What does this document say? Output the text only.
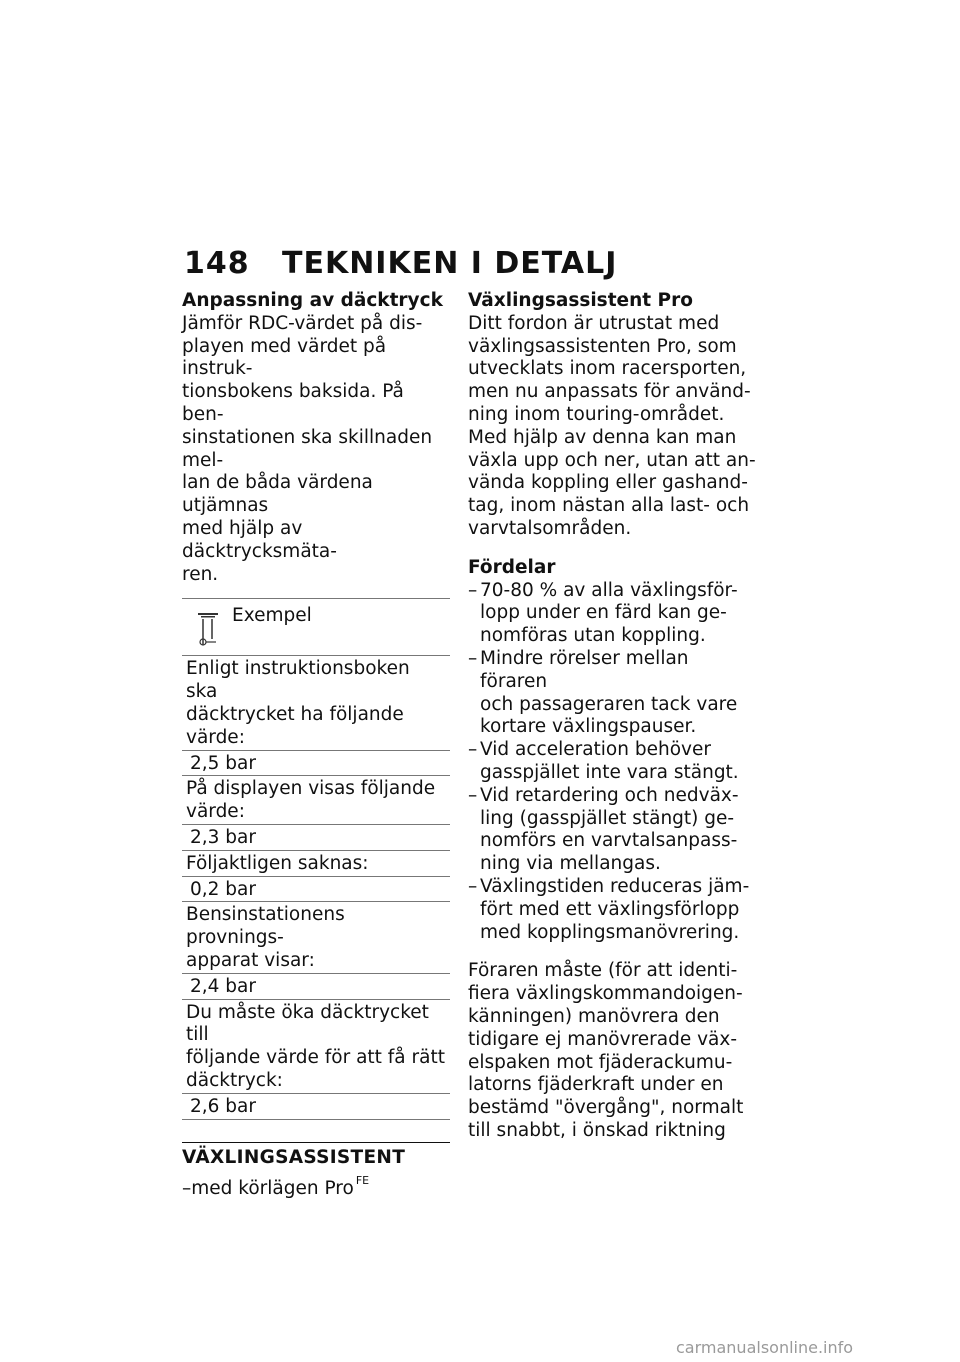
148 TEKNIKEN I DETALJ
Anpassning av däcktryck
Jämför RDC-värdet på dis-
playen med värdet på instruk-
tionsbokens baksida. På ben-
sinstationen ska skillnaden mel-
lan de båda värdena utjämnas
med hjälp av däcktrycksmäta-
ren.
Exempel
Enligt instruktionsboken ska
däcktrycket ha följande värde:
2,5 bar
På displayen visas följande
värde:
2,3 bar
Följaktligen saknas:
0,2 bar
Bensinstationens provnings-
apparat visar:
2,4 bar
Du måste öka däcktrycket till
följande värde för att få rätt
däcktryck:
2,6 bar
VÄXLINGSASSISTENT
–med körlägen Pro $^{FE}$
Växlingsassistent Pro
Ditt fordon är utrustat med
växlingsassistenten Pro, som
utvecklats inom racersporten,
men nu anpassats för använd-
ning inom touring-området.
Med hjälp av denna kan man
växla upp och ner, utan att an-
vända koppling eller gashand-
tag, inom nästan alla last- och
varvtalsområden.
Fördelar
– 70-80 % av alla växlingsför-
lopp under en färd kan ge-
nomföras utan koppling.
– Mindre rörelser mellan föraren
och passageraren tack vare
kortare växlingspauser.
– Vid acceleration behöver
gasspjället inte vara stängt.
– Vid retardering och nedväx-
ling (gasspjället stängt) ge-
nomförs en varvtalsanpass-
ning via mellangas.
– Växlingstiden reduceras jäm-
fört med ett växlingsförlopp
med kopplingsmanövrering.
Föraren måste (för att identi-
fiera växlingskommandoigen-
känningen) manövrera den
tidigare ej manövrerade väx-
elspaken mot fjäderackumu-
latorns fjäderkraft under en
bestämd "övergång", normalt
till snabbt, i önskad riktning
carmanualsonline.info
